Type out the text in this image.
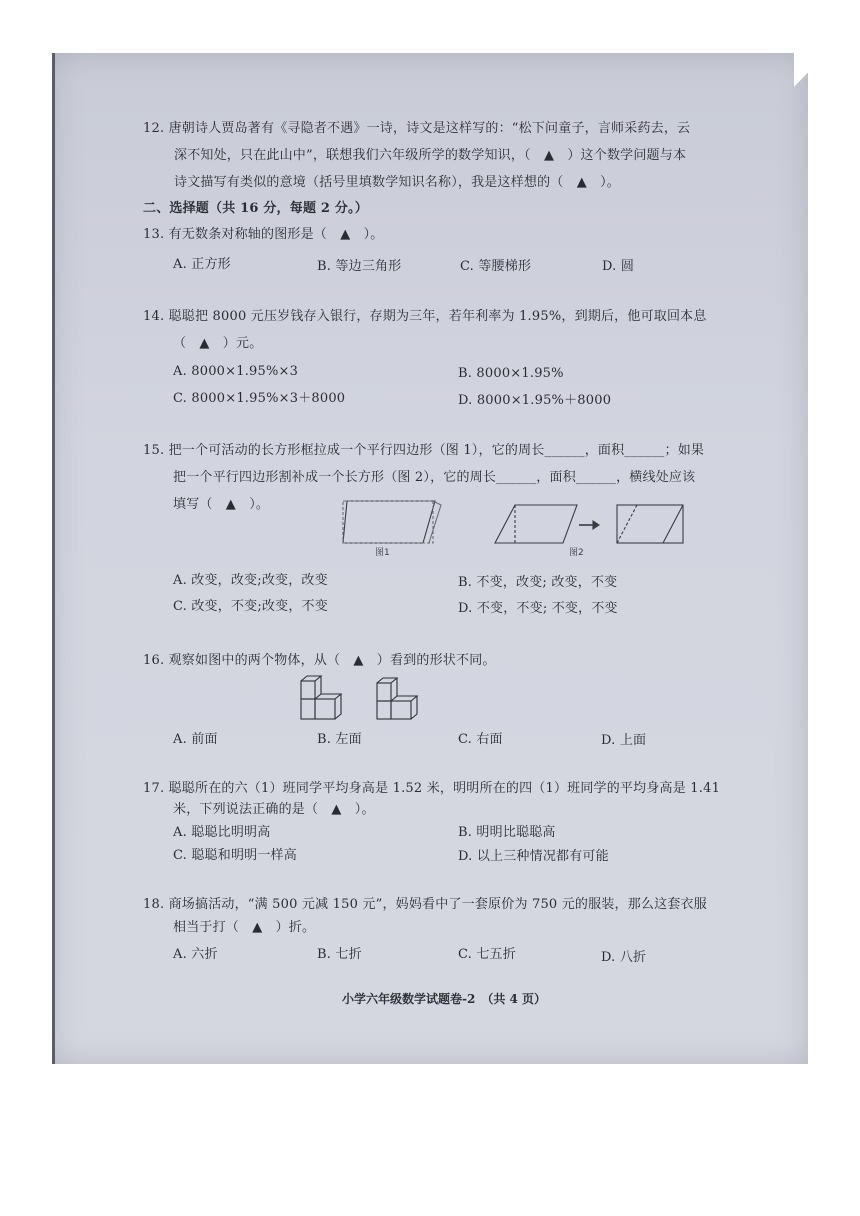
12. 唐朝诗人贾岛著有《寻隐者不遇》一诗，诗文是这样写的：“松下问童子，言师采药去，云
深不知处，只在此山中”，联想我们六年级所学的数学知识，（　▲　）这个数学问题与本
诗文描写有类似的意境（括号里填数学知识名称），我是这样想的（　▲　）。
二、选择题（共 16 分，每题 2 分。）
13. 有无数条对称轴的图形是（　▲　）。
A. 正方形	B. 等边三角形	C. 等腰梯形	D. 圆
14. 聪聪把 8000 元压岁钱存入银行，存期为三年，若年利率为 1.95%，到期后，他可取回本息
（　▲　）元。
A. 8000×1.95%×3	B. 8000×1.95%
C. 8000×1.95%×3＋8000	D. 8000×1.95%＋8000
15. 把一个可活动的长方形框拉成一个平行四边形（图 1），它的周长______，面积______；如果
把一个平行四边形割补成一个长方形（图 2），它的周长______，面积______，横线处应该
填写（　▲　）。
图1	图2
A. 改变，改变;改变，改变	B. 不变，改变; 改变，不变
C. 改变，不变;改变，不变	D. 不变，不变; 不变，不变
16. 观察如图中的两个物体，从（　▲　）看到的形状不同。
A. 前面	B. 左面	C. 右面	D. 上面
17. 聪聪所在的六（1）班同学平均身高是 1.52 米，明明所在的四（1）班同学的平均身高是 1.41
米，下列说法正确的是（　▲　）。
A. 聪聪比明明高	B. 明明比聪聪高
C. 聪聪和明明一样高	D. 以上三种情况都有可能
18. 商场搞活动，“满 500 元减 150 元”，妈妈看中了一套原价为 750 元的服装，那么这套衣服
相当于打（　▲　）折。
A. 六折	B. 七折	C. 七五折	D. 八折
小学六年级数学试题卷-2　（共 4 页）
